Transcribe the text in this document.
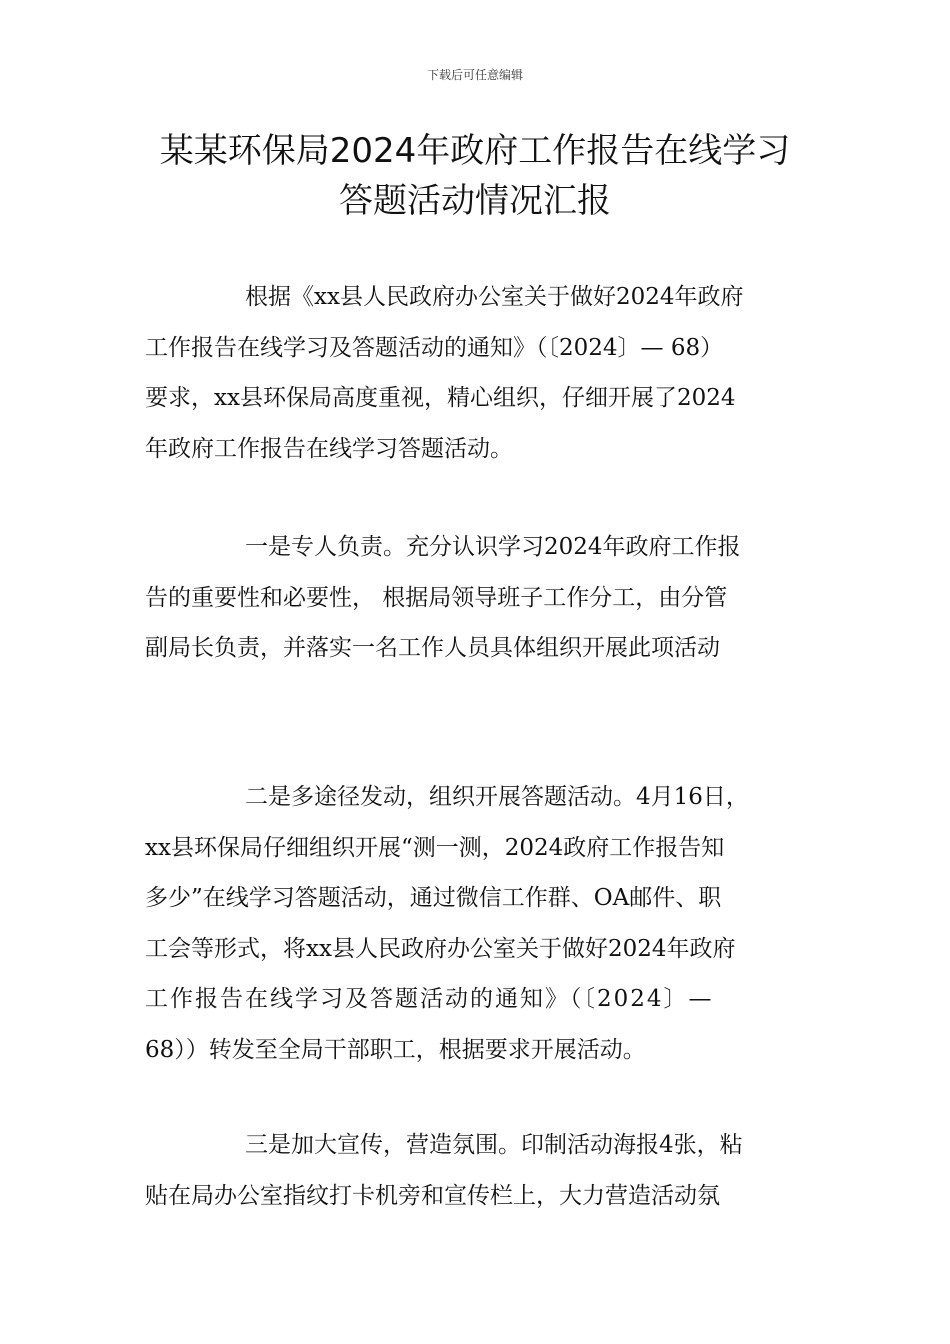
下载后可任意编辑
某某环保局2024年政府工作报告在线学习
答题活动情况汇报
根据《xx县人民政府办公室关于做好2024年政府
工作报告在线学习及答题活动的通知》（〔2024〕— 68）
要求，xx县环保局高度重视，精心组织，仔细开展了2024
年政府工作报告在线学习答题活动。
一是专人负责。充分认识学习2024年政府工作报
告的重要性和必要性， 根据局领导班子工作分工，由分管
副局长负责，并落实一名工作人员具体组织开展此项活动
二是多途径发动，组织开展答题活动。4月16日，
xx县环保局仔细组织开展“测一测，2024政府工作报告知
多少”在线学习答题活动，通过微信工作群、OA邮件、职
工会等形式，将xx县人民政府办公室关于做好2024年政府
工作报告在线学习及答题活动的通知》（〔2024〕—
68））转发至全局干部职工，根据要求开展活动。
三是加大宣传，营造氛围。印制活动海报4张，粘
贴在局办公室指纹打卡机旁和宣传栏上，大力营造活动氛
